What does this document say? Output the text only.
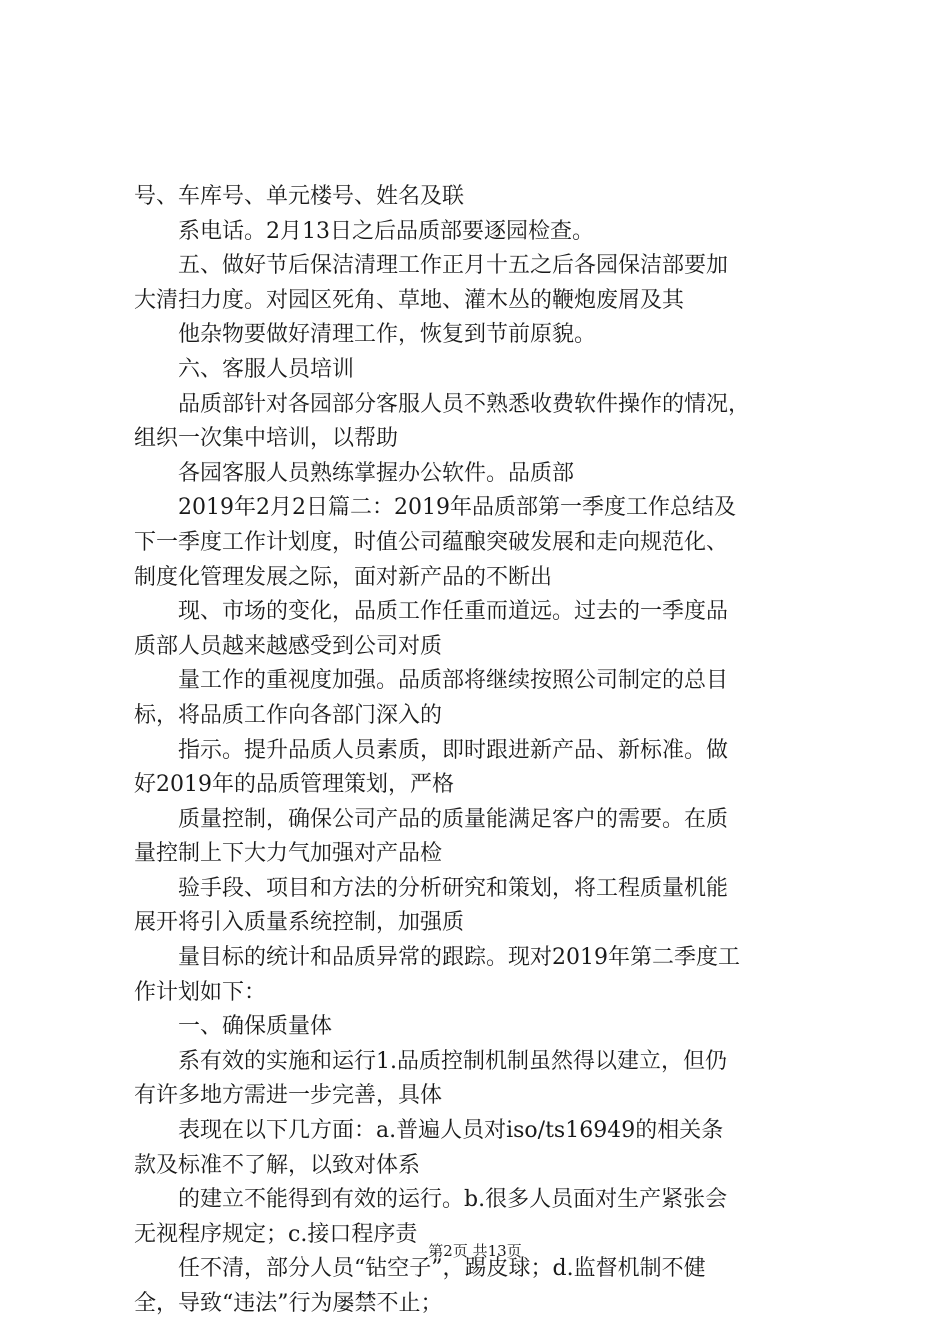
号、车库号、单元楼号、姓名及联
系电话。2月13日之后品质部要逐园检查。
五、做好节后保洁清理工作正月十五之后各园保洁部要加
大清扫力度。对园区死角、草地、灌木丛的鞭炮废屑及其
他杂物要做好清理工作，恢复到节前原貌。
六、客服人员培训
品质部针对各园部分客服人员不熟悉收费软件操作的情况，
组织一次集中培训，以帮助
各园客服人员熟练掌握办公软件。品质部
2019年2月2日篇二：2019年品质部第一季度工作总结及
下一季度工作计划度，时值公司蕴酿突破发展和走向规范化、
制度化管理发展之际，面对新产品的不断出
现、市场的变化，品质工作任重而道远。过去的一季度品
质部人员越来越感受到公司对质
量工作的重视度加强。品质部将继续按照公司制定的总目
标，将品质工作向各部门深入的
指示。提升品质人员素质，即时跟进新产品、新标准。做
好2019年的品质管理策划，严格
质量控制，确保公司产品的质量能满足客户的需要。在质
量控制上下大力气加强对产品检
验手段、项目和方法的分析研究和策划，将工程质量机能
展开将引入质量系统控制，加强质
量目标的统计和品质异常的跟踪。现对2019年第二季度工
作计划如下：
一、确保质量体
系有效的实施和运行1.品质控制机制虽然得以建立，但仍
有许多地方需进一步完善，具体
表现在以下几方面：a.普遍人员对iso/ts16949的相关条
款及标准不了解，以致对体系
的建立不能得到有效的运行。b.很多人员面对生产紧张会
无视程序规定；c.接口程序责
任不清，部分人员“钻空子”，踢皮球；d.监督机制不健
全，导致“违法”行为屡禁不止；
第2页 共13页
